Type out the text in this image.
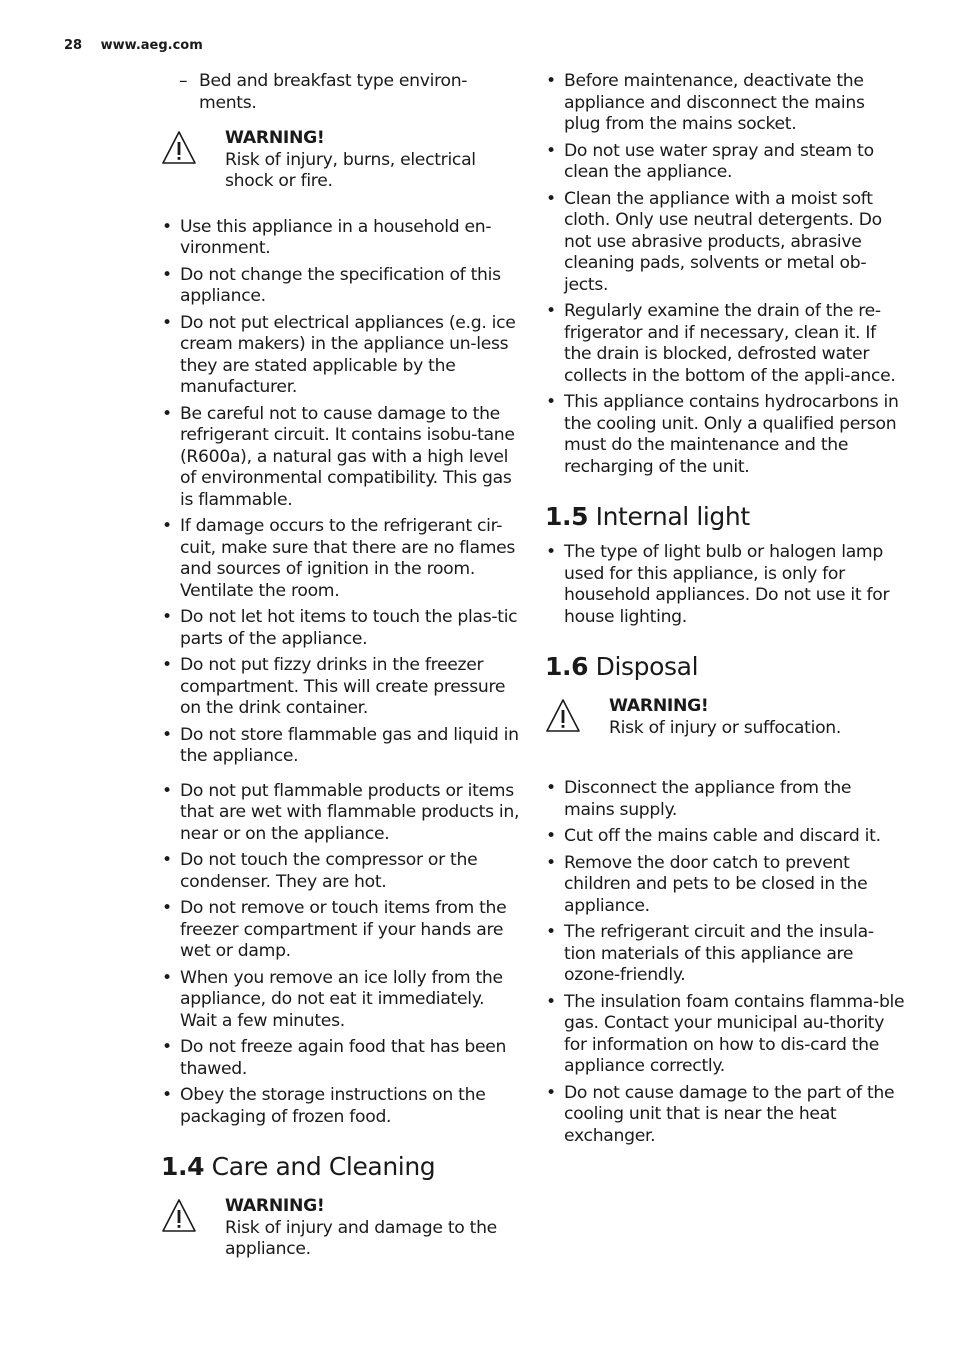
28 www.aeg.com
– Bed and breakfast type environ-ments.
WARNING!
Risk of injury, burns, electrical shock or fire.
• Use this appliance in a household en-vironment.
• Do not change the specification of this appliance.
• Do not put electrical appliances (e.g. ice cream makers) in the appliance un-less they are stated applicable by the manufacturer.
• Be careful not to cause damage to the refrigerant circuit. It contains isobu-tane (R600a), a natural gas with a high level of environmental compatibility. This gas is flammable.
• If damage occurs to the refrigerant cir-cuit, make sure that there are no flames and sources of ignition in the room. Ventilate the room.
• Do not let hot items to touch the plas-tic parts of the appliance.
• Do not put fizzy drinks in the freezer compartment. This will create pressure on the drink container.
• Do not store flammable gas and liquid in the appliance.
• Do not put flammable products or items that are wet with flammable products in, near or on the appliance.
• Do not touch the compressor or the condenser. They are hot.
• Do not remove or touch items from the freezer compartment if your hands are wet or damp.
• When you remove an ice lolly from the appliance, do not eat it immediately. Wait a few minutes.
• Do not freeze again food that has been thawed.
• Obey the storage instructions on the packaging of frozen food.
1.4 Care and Cleaning
WARNING!
Risk of injury and damage to the appliance.
• Before maintenance, deactivate the appliance and disconnect the mains plug from the mains socket.
• Do not use water spray and steam to clean the appliance.
• Clean the appliance with a moist soft cloth. Only use neutral detergents. Do not use abrasive products, abrasive cleaning pads, solvents or metal ob-jects.
• Regularly examine the drain of the re-frigerator and if necessary, clean it. If the drain is blocked, defrosted water collects in the bottom of the appli-ance.
• This appliance contains hydrocarbons in the cooling unit. Only a qualified person must do the maintenance and the recharging of the unit.
1.5 Internal light
• The type of light bulb or halogen lamp used for this appliance, is only for household appliances. Do not use it for house lighting.
1.6 Disposal
WARNING!
Risk of injury or suffocation.
• Disconnect the appliance from the mains supply.
• Cut off the mains cable and discard it.
• Remove the door catch to prevent children and pets to be closed in the appliance.
• The refrigerant circuit and the insula-tion materials of this appliance are ozone-friendly.
• The insulation foam contains flamma-ble gas. Contact your municipal au-thority for information on how to dis-card the appliance correctly.
• Do not cause damage to the part of the cooling unit that is near the heat exchanger.
